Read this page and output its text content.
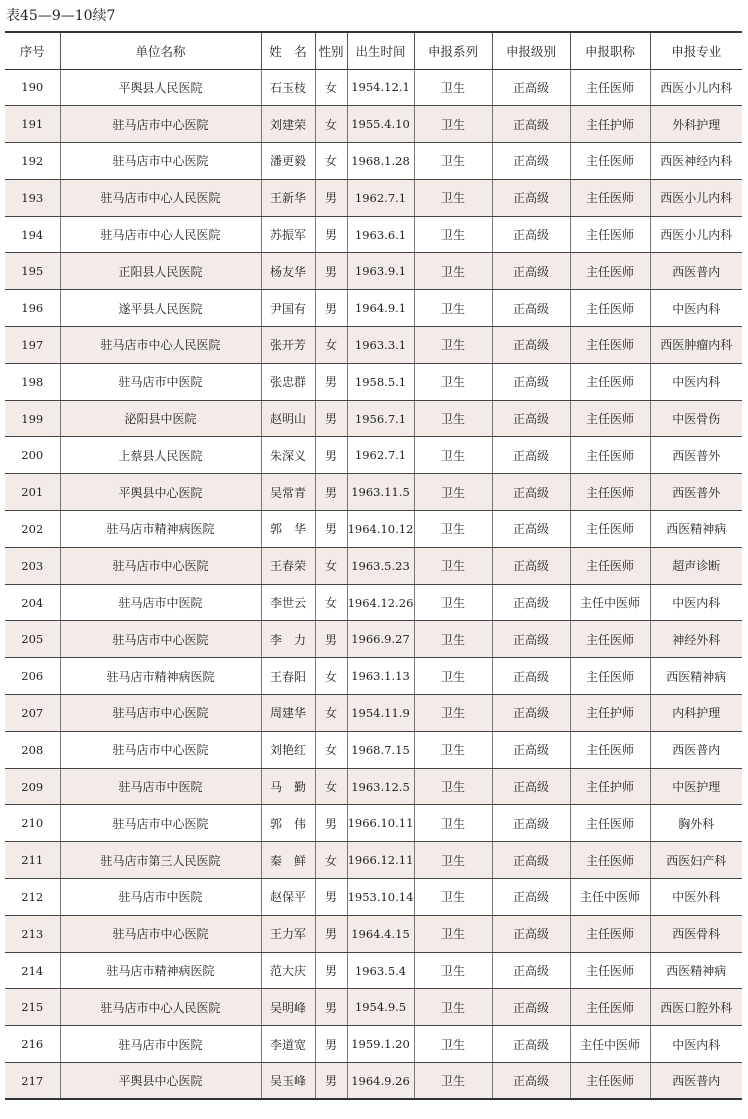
表45—9—10续7
序号	单位名称	姓　名	性别	出生时间	申报系列	申报级别	申报职称	申报专业
190	平舆县人民医院	石玉枝	女	1954.12.1	卫生	正高级	主任医师	西医小儿内科
191	驻马店市中心医院	刘建荣	女	1955.4.10	卫生	正高级	主任护师	外科护理
192	驻马店市中心医院	潘更毅	女	1968.1.28	卫生	正高级	主任医师	西医神经内科
193	驻马店市中心人民医院	王新华	男	1962.7.1	卫生	正高级	主任医师	西医小儿内科
194	驻马店市中心人民医院	苏振军	男	1963.6.1	卫生	正高级	主任医师	西医小儿内科
195	正阳县人民医院	杨友华	男	1963.9.1	卫生	正高级	主任医师	西医普内
196	遂平县人民医院	尹国有	男	1964.9.1	卫生	正高级	主任医师	中医内科
197	驻马店市中心人民医院	张开芳	女	1963.3.1	卫生	正高级	主任医师	西医肿瘤内科
198	驻马店市中医院	张忠群	男	1958.5.1	卫生	正高级	主任医师	中医内科
199	泌阳县中医院	赵明山	男	1956.7.1	卫生	正高级	主任医师	中医骨伤
200	上蔡县人民医院	朱深义	男	1962.7.1	卫生	正高级	主任医师	西医普外
201	平舆县中心医院	吴常青	男	1963.11.5	卫生	正高级	主任医师	西医普外
202	驻马店市精神病医院	郭　华	男	1964.10.12	卫生	正高级	主任医师	西医精神病
203	驻马店市中心医院	王春荣	女	1963.5.23	卫生	正高级	主任医师	超声诊断
204	驻马店市中医院	李世云	女	1964.12.26	卫生	正高级	主任中医师	中医内科
205	驻马店市中心医院	李　力	男	1966.9.27	卫生	正高级	主任医师	神经外科
206	驻马店市精神病医院	王春阳	女	1963.1.13	卫生	正高级	主任医师	西医精神病
207	驻马店市中心医院	周建华	女	1954.11.9	卫生	正高级	主任护师	内科护理
208	驻马店市中心医院	刘艳红	女	1968.7.15	卫生	正高级	主任医师	西医普内
209	驻马店市中医院	马　勤	女	1963.12.5	卫生	正高级	主任护师	中医护理
210	驻马店市中心医院	郭　伟	男	1966.10.11	卫生	正高级	主任医师	胸外科
211	驻马店市第三人民医院	秦　鲜	女	1966.12.11	卫生	正高级	主任医师	西医妇产科
212	驻马店市中医院	赵保平	男	1953.10.14	卫生	正高级	主任中医师	中医外科
213	驻马店市中心医院	王力军	男	1964.4.15	卫生	正高级	主任医师	西医骨科
214	驻马店市精神病医院	范大庆	男	1963.5.4	卫生	正高级	主任医师	西医精神病
215	驻马店市中心人民医院	吴明峰	男	1954.9.5	卫生	正高级	主任医师	西医口腔外科
216	驻马店市中医院	李道宽	男	1959.1.20	卫生	正高级	主任中医师	中医内科
217	平舆县中心医院	吴玉峰	男	1964.9.26	卫生	正高级	主任医师	西医普内
